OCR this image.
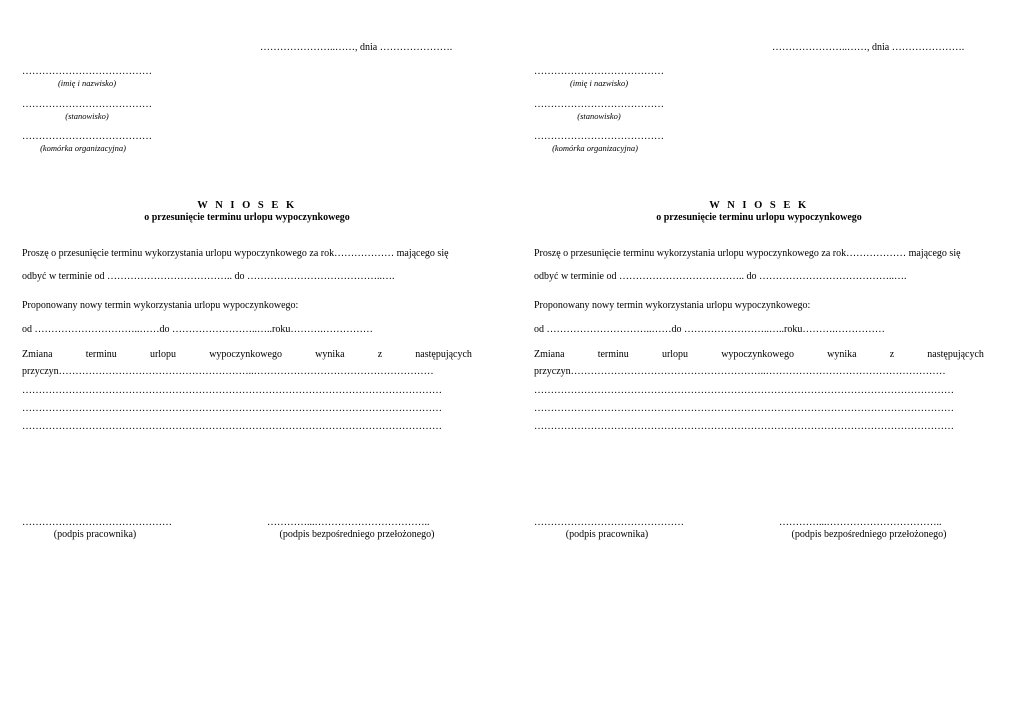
…………………..……, dnia ………………….
…………………………………
(imię i nazwisko)
…………………………………
(stanowisko)
…………………………………
(komórka organizacyjna)
W N I O S E K
o przesunięcie terminu urlopu wypoczynkowego
Proszę o przesunięcie terminu wykorzystania urlopu wypoczynkowego za rok……………… mającego się
odbyć w terminie od ……………………………….. do …………………………………..….
Proponowany nowy termin wykorzystania urlopu wypoczynkowego:
od …………………………..……do ……………………..…..roku……….……………
Zmiana	terminu	urlopu	wypoczynkowego	wynika	z	następujących
przyczyn…………………………………………………..………………………………………………
………………………………………………………………………………………………………………
………………………………………………………………………………………………………………
………………………………………………………………………………………………………………
………………………………………
(podpis pracownika)
…………...……………………………..
(podpis bezpośredniego przełożonego)
…………………..……, dnia ………………….
…………………………………
(imię i nazwisko)
…………………………………
(stanowisko)
…………………………………
(komórka organizacyjna)
W N I O S E K
o przesunięcie terminu urlopu wypoczynkowego
Proszę o przesunięcie terminu wykorzystania urlopu wypoczynkowego za rok……………… mającego się
odbyć w terminie od ……………………………….. do …………………………………..….
Proponowany nowy termin wykorzystania urlopu wypoczynkowego:
od …………………………..……do ……………………..…..roku……….……………
Zmiana	terminu	urlopu	wypoczynkowego	wynika	z	następujących
przyczyn…………………………………………………..………………………………………………
………………………………………………………………………………………………………………
………………………………………………………………………………………………………………
………………………………………………………………………………………………………………
………………………………………
(podpis pracownika)
…………...……………………………..
(podpis bezpośredniego przełożonego)
